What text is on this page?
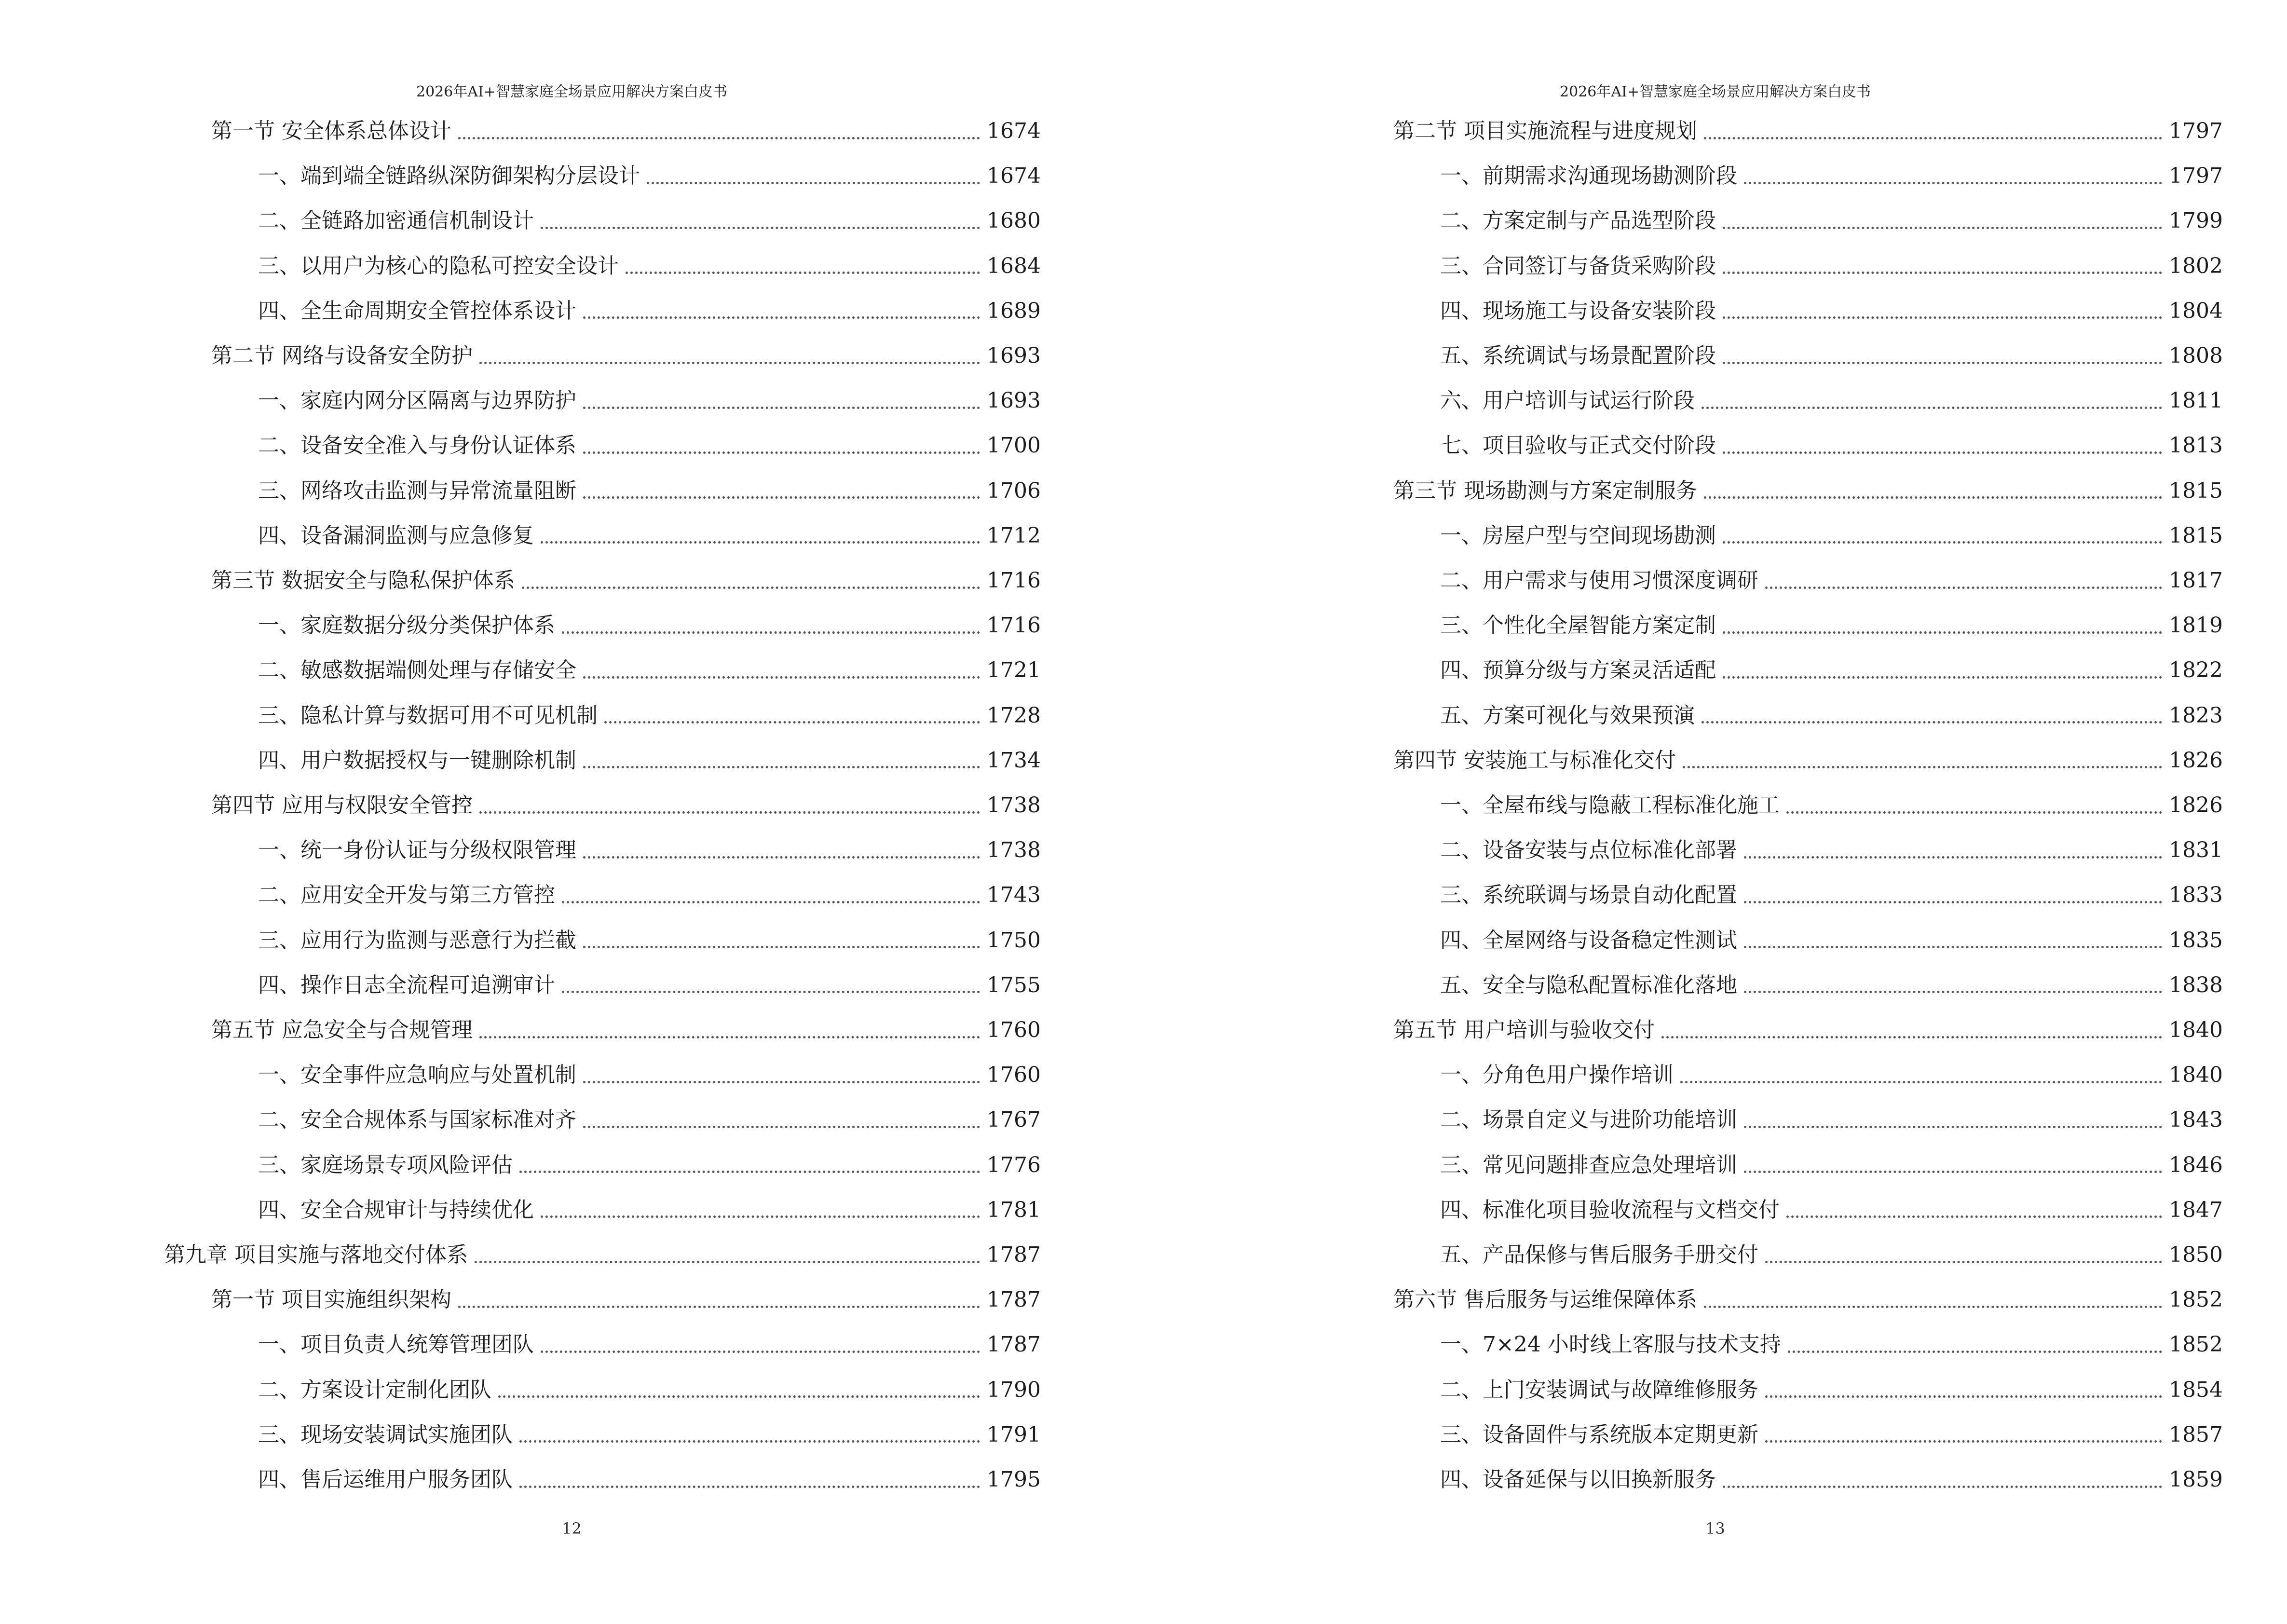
2026年AI+智慧家庭全场景应用解决方案白皮书
第一节 安全体系总体设计	1674
一、端到端全链路纵深防御架构分层设计	1674
二、全链路加密通信机制设计	1680
三、以用户为核心的隐私可控安全设计	1684
四、全生命周期安全管控体系设计	1689
第二节 网络与设备安全防护	1693
一、家庭内网分区隔离与边界防护	1693
二、设备安全准入与身份认证体系	1700
三、网络攻击监测与异常流量阻断	1706
四、设备漏洞监测与应急修复	1712
第三节 数据安全与隐私保护体系	1716
一、家庭数据分级分类保护体系	1716
二、敏感数据端侧处理与存储安全	1721
三、隐私计算与数据可用不可见机制	1728
四、用户数据授权与一键删除机制	1734
第四节 应用与权限安全管控	1738
一、统一身份认证与分级权限管理	1738
二、应用安全开发与第三方管控	1743
三、应用行为监测与恶意行为拦截	1750
四、操作日志全流程可追溯审计	1755
第五节 应急安全与合规管理	1760
一、安全事件应急响应与处置机制	1760
二、安全合规体系与国家标准对齐	1767
三、家庭场景专项风险评估	1776
四、安全合规审计与持续优化	1781
第九章 项目实施与落地交付体系	1787
第一节 项目实施组织架构	1787
一、项目负责人统筹管理团队	1787
二、方案设计定制化团队	1790
三、现场安装调试实施团队	1791
四、售后运维用户服务团队	1795
12
2026年AI+智慧家庭全场景应用解决方案白皮书
第二节 项目实施流程与进度规划	1797
一、前期需求沟通现场勘测阶段	1797
二、方案定制与产品选型阶段	1799
三、合同签订与备货采购阶段	1802
四、现场施工与设备安装阶段	1804
五、系统调试与场景配置阶段	1808
六、用户培训与试运行阶段	1811
七、项目验收与正式交付阶段	1813
第三节 现场勘测与方案定制服务	1815
一、房屋户型与空间现场勘测	1815
二、用户需求与使用习惯深度调研	1817
三、个性化全屋智能方案定制	1819
四、预算分级与方案灵活适配	1822
五、方案可视化与效果预演	1823
第四节 安装施工与标准化交付	1826
一、全屋布线与隐蔽工程标准化施工	1826
二、设备安装与点位标准化部署	1831
三、系统联调与场景自动化配置	1833
四、全屋网络与设备稳定性测试	1835
五、安全与隐私配置标准化落地	1838
第五节 用户培训与验收交付	1840
一、分角色用户操作培训	1840
二、场景自定义与进阶功能培训	1843
三、常见问题排查应急处理培训	1846
四、标准化项目验收流程与文档交付	1847
五、产品保修与售后服务手册交付	1850
第六节 售后服务与运维保障体系	1852
一、7×24 小时线上客服与技术支持	1852
二、上门安装调试与故障维修服务	1854
三、设备固件与系统版本定期更新	1857
四、设备延保与以旧换新服务	1859
13
